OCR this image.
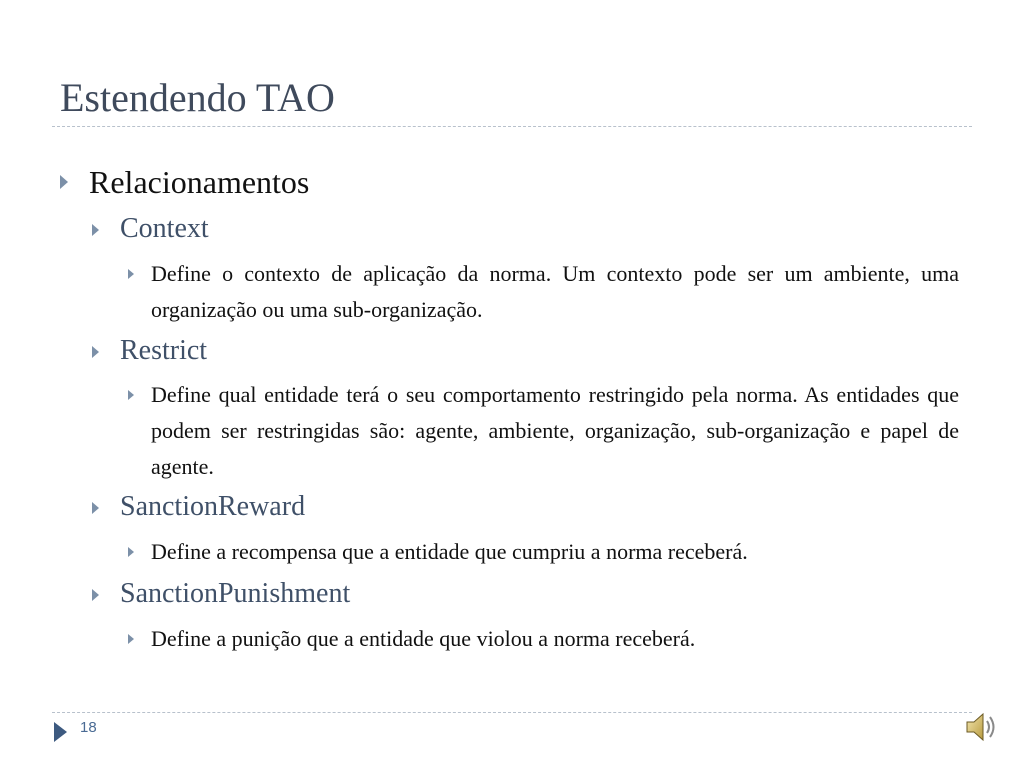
Estendendo TAO
Relacionamentos
Context
Define o contexto de aplicação da norma. Um contexto pode ser um ambiente, uma organização ou uma sub-organização.
Restrict
Define qual entidade terá o seu comportamento restringido pela norma. As entidades que podem ser restringidas são: agente, ambiente, organização, sub-organização e papel de agente.
SanctionReward
Define a recompensa que a entidade que cumpriu a norma receberá.
SanctionPunishment
Define a punição que a entidade que violou a norma receberá.
18
